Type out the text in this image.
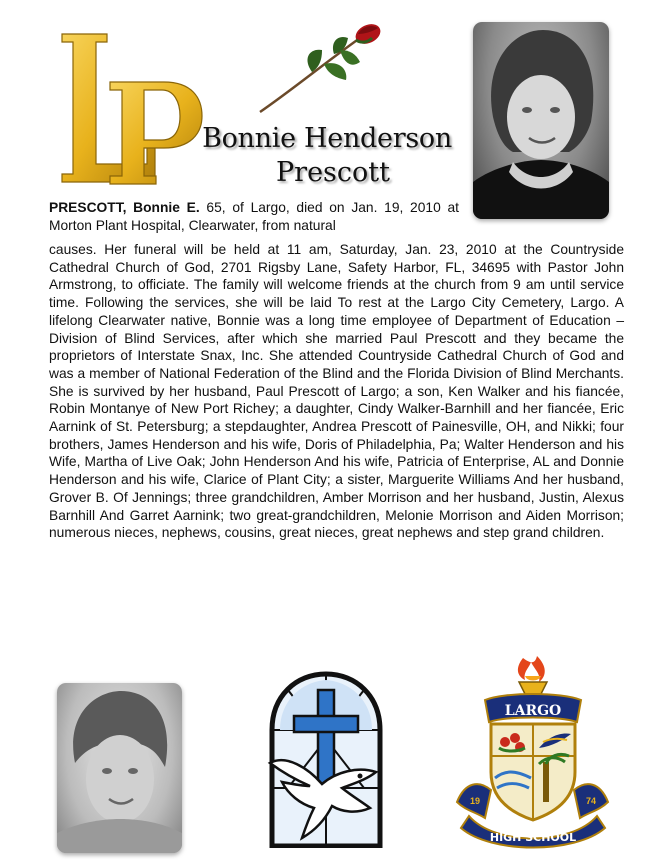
Bonnie Henderson
Prescott
PRESCOTT, Bonnie E. 65, of Largo, died on Jan. 19, 2010 at Morton Plant Hospital, Clearwater, from natural
causes. Her funeral will be held at 11 am, Saturday, Jan. 23, 2010 at the Countryside Cathedral Church of God, 2701 Rigsby Lane, Safety Harbor, FL, 34695 with Pastor John Armstrong, to officiate. The family will welcome friends at the church from 9 am until service time. Following the services, she will be laid To rest at the Largo City Cemetery, Largo. A lifelong Clearwater native, Bonnie was a long time employee of Department of Education – Division of Blind Services, after which she married Paul Prescott and they became the proprietors of Interstate Snax, Inc. She attended Countryside Cathedral Church of God and was a member of National Federation of the Blind and the Florida Division of Blind Merchants. She is survived by her husband, Paul Prescott of Largo; a son, Ken Walker and his fiancée, Robin Montanye of New Port Richey; a daughter, Cindy Walker-Barnhill and her fiancée, Eric Aarnink of St. Petersburg; a stepdaughter, Andrea Prescott of Painesville, OH, and Nikki; four brothers, James Henderson and his wife, Doris of Philadelphia, Pa; Walter Henderson and his Wife, Martha of Live Oak; John Henderson And his wife, Patricia of Enterprise, AL and Donnie Henderson and his wife, Clarice of Plant City; a sister, Marguerite Williams And her husband, Grover B. Of Jennings; three grandchildren, Amber Morrison and her husband, Justin, Alexus Barnhill And Garret Aarnink; two great-grandchildren, Melonie Morrison and Aiden Morrison; numerous nieces, nephews, cousins, great nieces, great nephews and step grand children.
LARGO
19	74
HIGH SCHOOL
